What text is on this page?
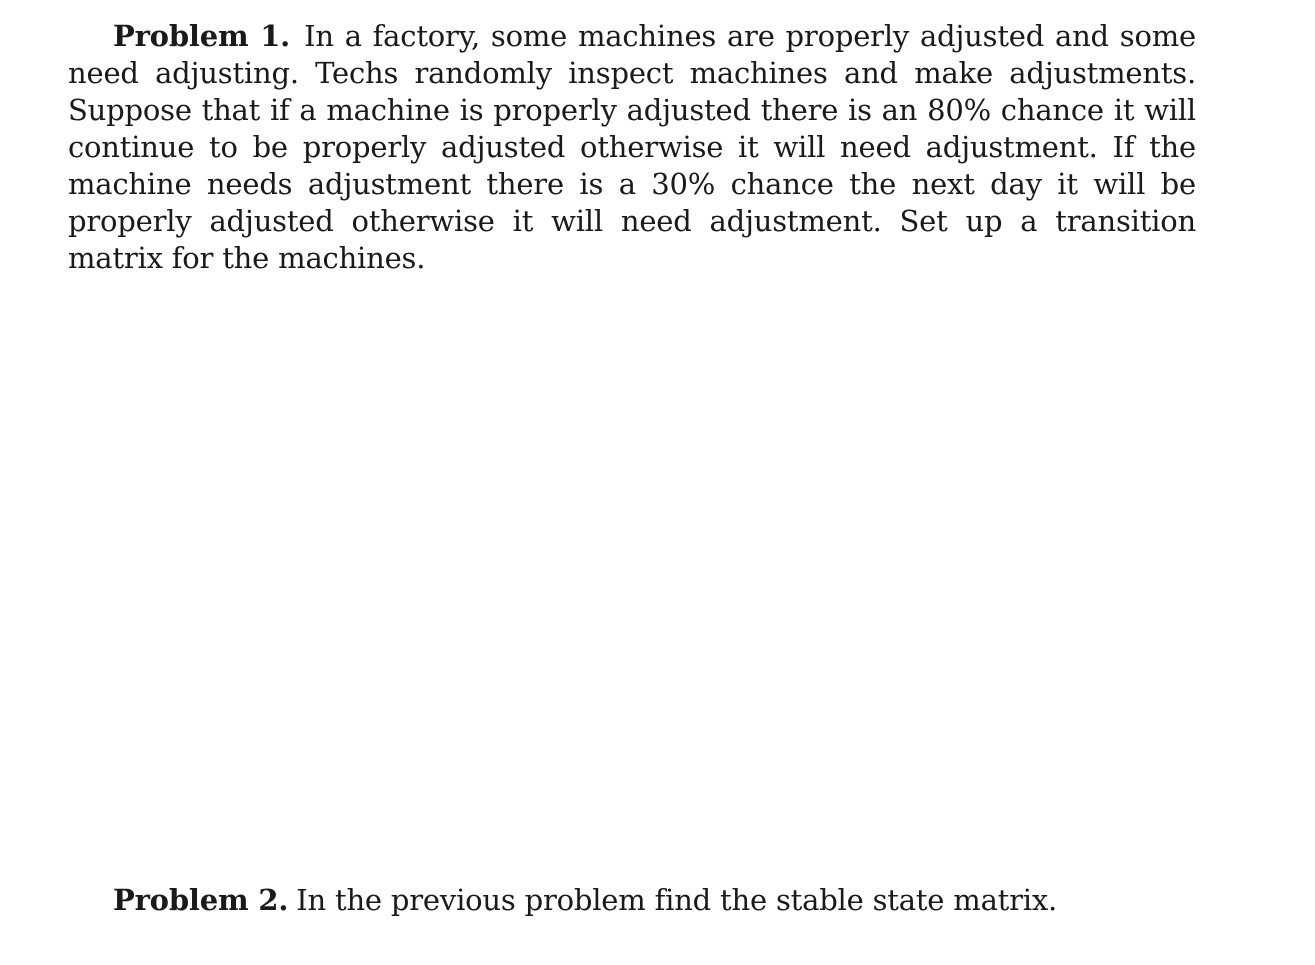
Problem 1. In a factory, some machines are properly adjusted and some need adjusting. Techs randomly inspect machines and make adjustments. Suppose that if a machine is properly adjusted there is an 80% chance it will continue to be properly adjusted otherwise it will need adjustment. If the machine needs adjustment there is a 30% chance the next day it will be properly adjusted otherwise it will need adjustment. Set up a transition matrix for the machines.

Problem 2. In the previous problem find the stable state matrix.
